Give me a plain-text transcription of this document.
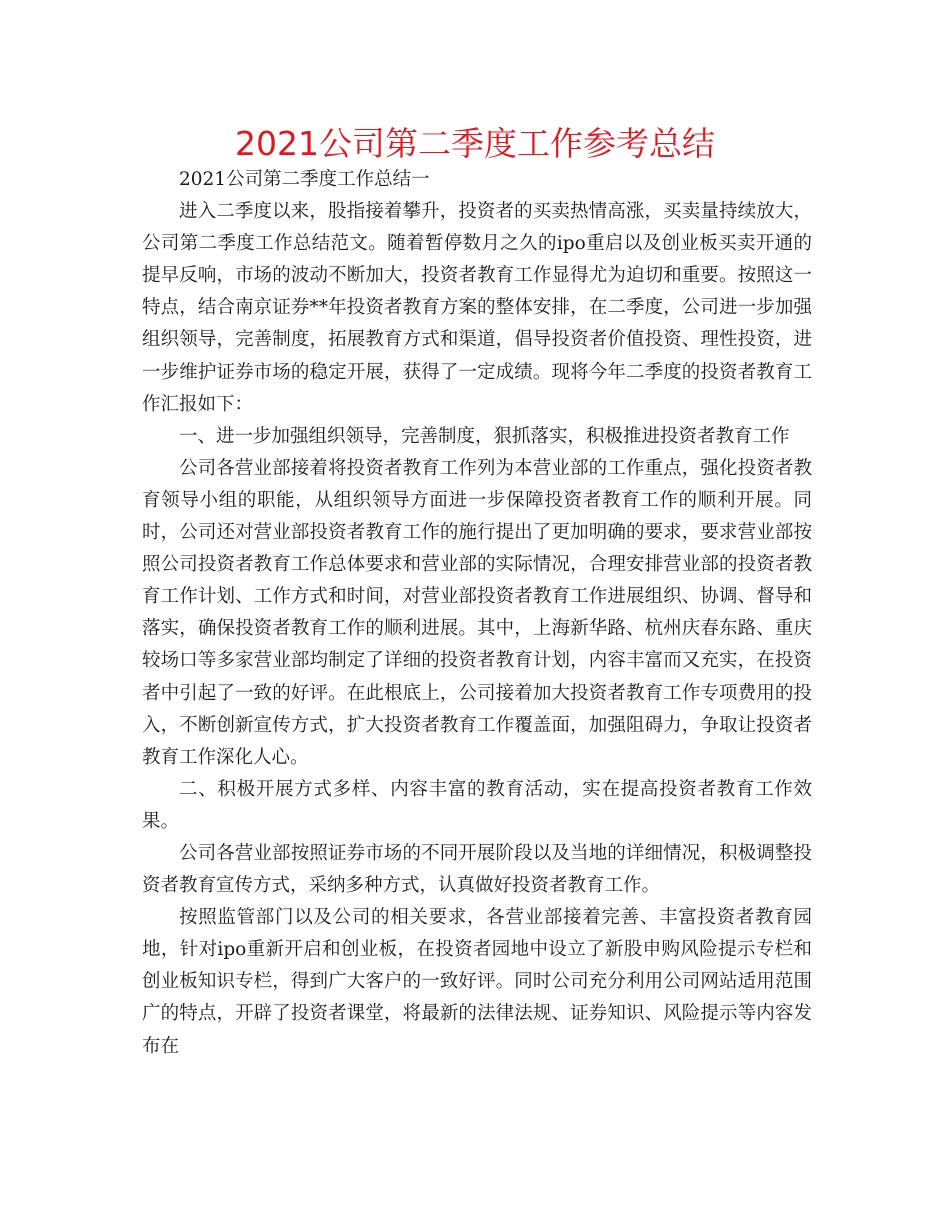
2021公司第二季度工作参考总结

2021公司第二季度工作总结一

进入二季度以来，股指接着攀升，投资者的买卖热情高涨，买卖量持续放大，公司第二季度工作总结范文。随着暂停数月之久的ipo重启以及创业板买卖开通的提早反响，市场的波动不断加大，投资者教育工作显得尤为迫切和重要。按照这一特点，结合南京证券**年投资者教育方案的整体安排，在二季度，公司进一步加强组织领导，完善制度，拓展教育方式和渠道，倡导投资者价值投资、理性投资，进一步维护证券市场的稳定开展，获得了一定成绩。现将今年二季度的投资者教育工作汇报如下：

一、进一步加强组织领导，完善制度，狠抓落实，积极推进投资者教育工作

公司各营业部接着将投资者教育工作列为本营业部的工作重点，强化投资者教育领导小组的职能，从组织领导方面进一步保障投资者教育工作的顺利开展。同时，公司还对营业部投资者教育工作的施行提出了更加明确的要求，要求营业部按照公司投资者教育工作总体要求和营业部的实际情况，合理安排营业部的投资者教育工作计划、工作方式和时间，对营业部投资者教育工作进展组织、协调、督导和落实，确保投资者教育工作的顺利进展。其中，上海新华路、杭州庆春东路、重庆较场口等多家营业部均制定了详细的投资者教育计划，内容丰富而又充实，在投资者中引起了一致的好评。在此根底上，公司接着加大投资者教育工作专项费用的投入，不断创新宣传方式，扩大投资者教育工作覆盖面，加强阻碍力，争取让投资者教育工作深化人心。

二、积极开展方式多样、内容丰富的教育活动，实在提高投资者教育工作效果。

公司各营业部按照证券市场的不同开展阶段以及当地的详细情况，积极调整投资者教育宣传方式，采纳多种方式，认真做好投资者教育工作。

按照监管部门以及公司的相关要求，各营业部接着完善、丰富投资者教育园地，针对ipo重新开启和创业板，在投资者园地中设立了新股申购风险提示专栏和创业板知识专栏，得到广大客户的一致好评。同时公司充分利用公司网站适用范围广的特点，开辟了投资者课堂，将最新的法律法规、证券知识、风险提示等内容发布在
